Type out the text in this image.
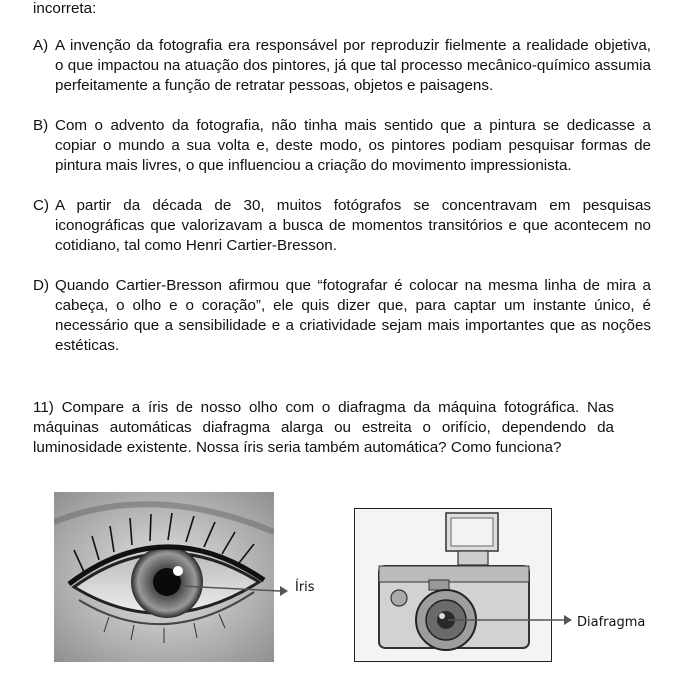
incorreta:
A) A invenção da fotografia era responsável por reproduzir fielmente a realidade objetiva,
o que impactou na atuação dos pintores, já que tal processo mecânico-químico assumia perfeitamente a função de retratar pessoas, objetos e paisagens.
B) Com o advento da fotografia, não tinha mais sentido que a pintura se dedicasse a
copiar o mundo a sua volta e, deste modo, os pintores podiam pesquisar formas de pintura mais livres, o que influenciou a criação do movimento impressionista.
C) A partir da década de 30, muitos fotógrafos se concentravam em pesquisas
iconográficas que valorizavam a busca de momentos transitórios e que acontecem no cotidiano, tal como Henri Cartier-Bresson.
D) Quando Cartier-Bresson afirmou que “fotografar é colocar na mesma linha de mira a
cabeça, o olho e o coração”, ele quis dizer que, para captar um instante único, é necessário que a sensibilidade e a criatividade sejam mais importantes que as noções estéticas.
11) Compare a íris de nosso olho com o diafragma da máquina fotográfica. Nas máquinas automáticas diafragma alarga ou estreita o orifício, dependendo da luminosidade existente. Nossa íris seria também automática? Como funciona?
Íris
Diafragma
